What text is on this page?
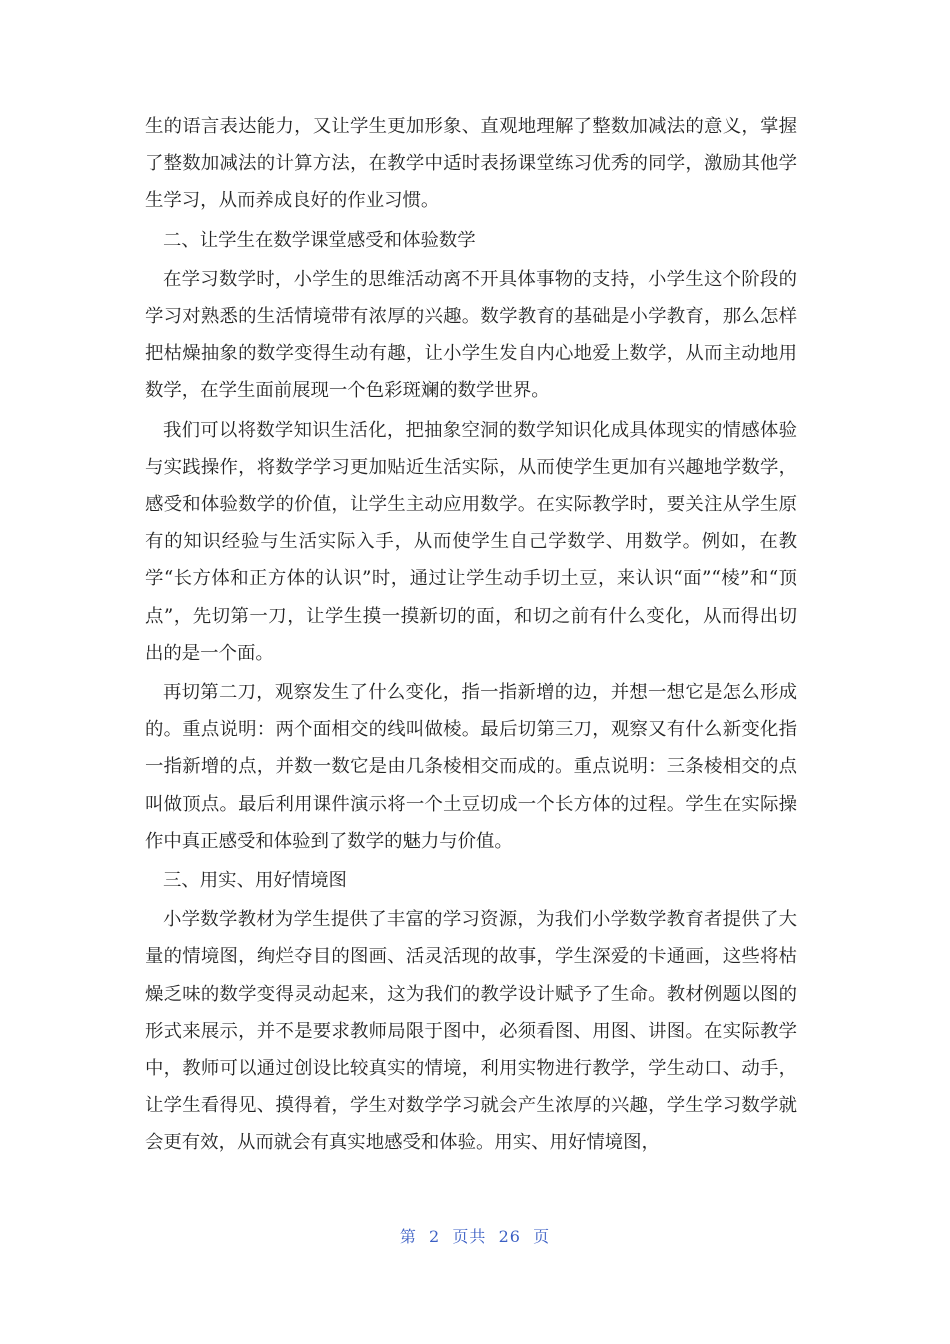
生的语言表达能力，又让学生更加形象、直观地理解了整数加减法的意义，掌握了整数加减法的计算方法，在教学中适时表扬课堂练习优秀的同学，激励其他学生学习，从而养成良好的作业习惯。

二、让学生在数学课堂感受和体验数学

在学习数学时，小学生的思维活动离不开具体事物的支持，小学生这个阶段的学习对熟悉的生活情境带有浓厚的兴趣。数学教育的基础是小学教育，那么怎样把枯燥抽象的数学变得生动有趣，让小学生发自内心地爱上数学，从而主动地用数学，在学生面前展现一个色彩斑斓的数学世界。

我们可以将数学知识生活化，把抽象空洞的数学知识化成具体现实的情感体验与实践操作，将数学学习更加贴近生活实际，从而使学生更加有兴趣地学数学，感受和体验数学的价值，让学生主动应用数学。在实际教学时，要关注从学生原有的知识经验与生活实际入手，从而使学生自己学数学、用数学。例如，在教学“长方体和正方体的认识”时，通过让学生动手切土豆，来认识“面”“棱”和“顶点”，先切第一刀，让学生摸一摸新切的面，和切之前有什么变化，从而得出切出的是一个面。

再切第二刀，观察发生了什么变化，指一指新增的边，并想一想它是怎么形成的。重点说明：两个面相交的线叫做棱。最后切第三刀，观察又有什么新变化指一指新增的点，并数一数它是由几条棱相交而成的。重点说明：三条棱相交的点叫做顶点。最后利用课件演示将一个土豆切成一个长方体的过程。学生在实际操作中真正感受和体验到了数学的魅力与价值。

三、用实、用好情境图

小学数学教材为学生提供了丰富的学习资源，为我们小学数学教育者提供了大量的情境图，绚烂夺目的图画、活灵活现的故事，学生深爱的卡通画，这些将枯燥乏味的数学变得灵动起来，这为我们的教学设计赋予了生命。教材例题以图的形式来展示，并不是要求教师局限于图中，必须看图、用图、讲图。在实际教学中，教师可以通过创设比较真实的情境，利用实物进行教学，学生动口、动手，让学生看得见、摸得着，学生对数学学习就会产生浓厚的兴趣，学生学习数学就会更有效，从而就会有真实地感受和体验。用实、用好情境图，

第 2 页共 26 页
